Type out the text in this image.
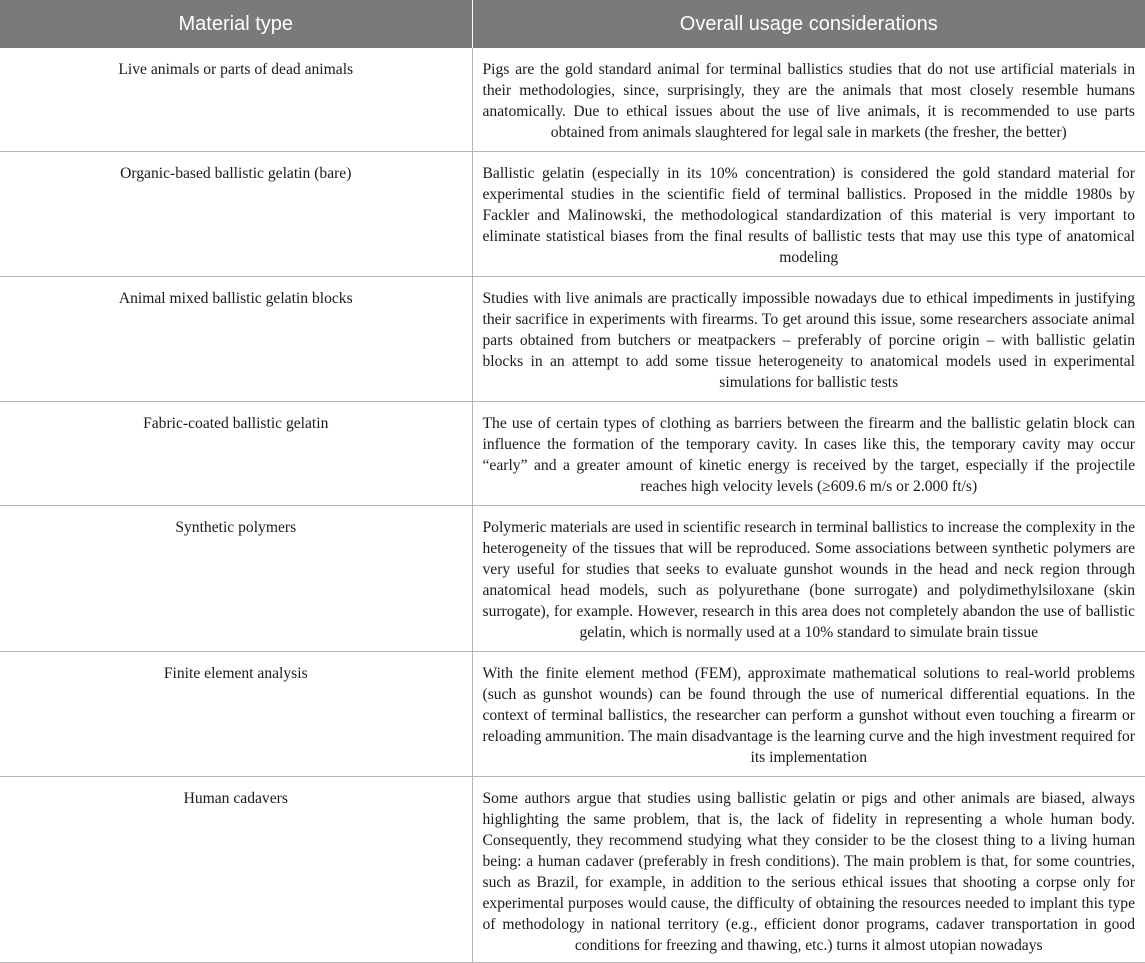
Material type	Overall usage considerations
Live animals or parts of dead animals	Pigs are the gold standard animal for terminal ballistics studies that do not use artificial materials in their methodologies, since, surprisingly, they are the animals that most closely resemble humans anatomically. Due to ethical issues about the use of live animals, it is recommended to use parts obtained from animals slaughtered for legal sale in markets (the fresher, the better)
Organic-based ballistic gelatin (bare)	Ballistic gelatin (especially in its 10% concentration) is considered the gold standard material for experimental studies in the scientific field of terminal ballistics. Proposed in the middle 1980s by Fackler and Malinowski, the methodological standardization of this material is very important to eliminate statistical biases from the final results of ballistic tests that may use this type of anatomical modeling
Animal mixed ballistic gelatin blocks	Studies with live animals are practically impossible nowadays due to ethical impediments in justifying their sacrifice in experiments with firearms. To get around this issue, some researchers associate animal parts obtained from butchers or meatpackers – preferably of porcine origin – with ballistic gelatin blocks in an attempt to add some tissue heterogeneity to anatomical models used in experimental simulations for ballistic tests
Fabric-coated ballistic gelatin	The use of certain types of clothing as barriers between the firearm and the ballistic gelatin block can influence the formation of the temporary cavity. In cases like this, the temporary cavity may occur “early” and a greater amount of kinetic energy is received by the target, especially if the projectile reaches high velocity levels (≥609.6 m/s or 2.000 ft/s)
Synthetic polymers	Polymeric materials are used in scientific research in terminal ballistics to increase the complexity in the heterogeneity of the tissues that will be reproduced. Some associations between synthetic polymers are very useful for studies that seeks to evaluate gunshot wounds in the head and neck region through anatomical head models, such as polyurethane (bone surrogate) and polydimethylsiloxane (skin surrogate), for example. However, research in this area does not completely abandon the use of ballistic gelatin, which is normally used at a 10% standard to simulate brain tissue
Finite element analysis	With the finite element method (FEM), approximate mathematical solutions to real-world problems (such as gunshot wounds) can be found through the use of numerical differential equations. In the context of terminal ballistics, the researcher can perform a gunshot without even touching a firearm or reloading ammunition. The main disadvantage is the learning curve and the high investment required for its implementation
Human cadavers	Some authors argue that studies using ballistic gelatin or pigs and other animals are biased, always highlighting the same problem, that is, the lack of fidelity in representing a whole human body. Consequently, they recommend studying what they consider to be the closest thing to a living human being: a human cadaver (preferably in fresh conditions). The main problem is that, for some countries, such as Brazil, for example, in addition to the serious ethical issues that shooting a corpse only for experimental purposes would cause, the difficulty of obtaining the resources needed to implant this type of methodology in national territory (e.g., efficient donor programs, cadaver transportation in good conditions for freezing and thawing, etc.) turns it almost utopian nowadays
